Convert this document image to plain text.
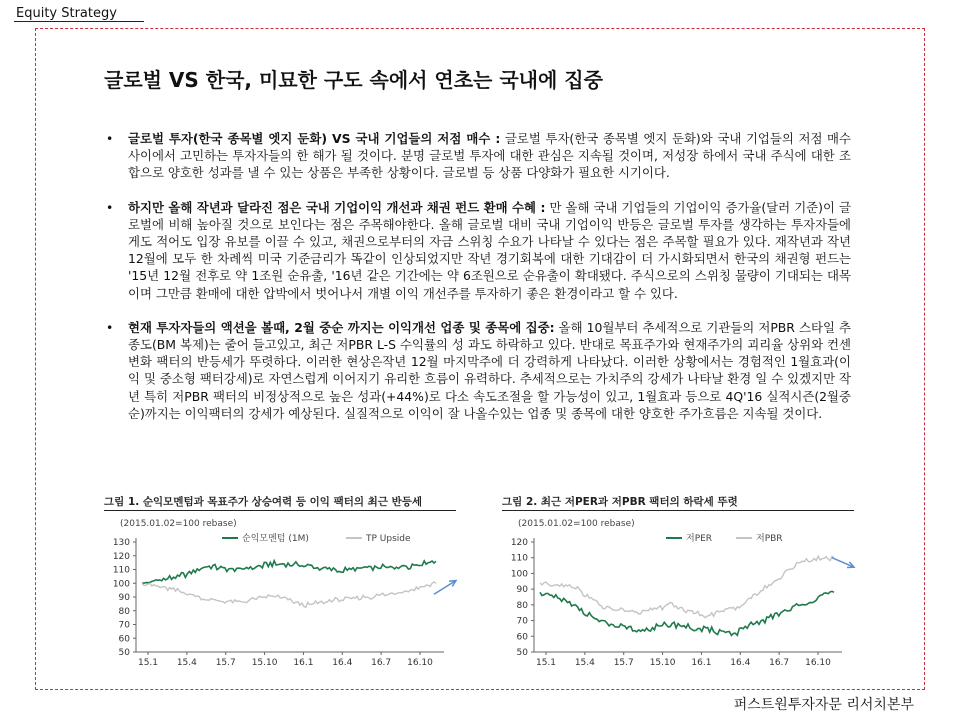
Equity Strategy
글로벌 VS 한국, 미묘한 구도 속에서 연초는 국내에 집중
• 글로벌 투자(한국 종목별 엣지 둔화) VS 국내 기업들의 저점 매수 : 글로벌 투자(한국 종목별 엣지 둔화)와 국내 기업들의 저점 매수 사이에서 고민하는 투자자들의 한 해가 될 것이다. 분명 글로벌 투자에 대한 관심은 지속될 것이며, 저성장 하에서 국내 주식에 대한 조합으로 양호한 성과를 낼 수 있는 상품은 부족한 상황이다. 글로벌 등 상품 다양화가 필요한 시기이다.
• 하지만 올해 작년과 달라진 점은 국내 기업이익 개선과 채권 펀드 환매 수혜 : 만 올해 국내 기업들의 기업이익 증가율(달러 기준)이 글로벌에 비해 높아질 것으로 보인다는 점은 주목해야한다. 올해 글로벌 대비 국내 기업이익 반등은 글로벌 투자를 생각하는 투자자들에게도 적어도 입장 유보를 이끌 수 있고, 채권으로부터의 자금 스위칭 수요가 나타날 수 있다는 점은 주목할 필요가 있다. 재작년과 작년 12월에 모두 한 차례씩 미국 기준금리가 똑같이 인상되었지만 작년 경기회복에 대한 기대감이 더 가시화되면서 한국의 채권형 펀드는 '15년 12월 전후로 약 1조원 순유출, '16년 같은 기간에는 약 6조원으로 순유출이 확대됐다. 주식으로의 스위칭 물량이 기대되는 대목이며 그만큼 환매에 대한 압박에서 벗어나서 개별 이익 개선주를 투자하기 좋은 환경이라고 할 수 있다.
• 현재 투자자들의 액션을 볼때, 2월 중순 까지는 이익개선 업종 및 종목에 집중: 올해 10월부터 추세적으로 기관들의 저PBR 스타일 추종도(BM 복제)는 줄어 들고있고, 최근 저PBR L-S 수익률의 성 과도 하락하고 있다. 반대로 목표주가와 현재주가의 괴리율 상위와 컨센변화 팩터의 반등세가 뚜렷하다. 이러한 현상은작년 12월 마지막주에 더 강력하게 나타났다. 이러한 상황에서는 경험적인 1월효과(이익 및 중소형 팩터강세)로 자연스럽게 이어지기 유리한 흐름이 유력하다. 추세적으로는 가치주의 강세가 나타날 환경 일 수 있겠지만 작년 특히 저PBR 팩터의 비정상적으로 높은 성과(+44%)로 다소 속도조절을 할 가능성이 있고, 1월효과 등으로 4Q'16 실적시즌(2월중순)까지는 이익팩터의 강세가 예상된다. 실질적으로 이익이 잘 나올수있는 업종 및 종목에 대한 양호한 주가흐름은 지속될 것이다.
그림 1. 순익모멘텀과 목표주가 상승여력 등 이익 팩터의 최근 반등세
(2015.01.02=100 rebase)
순익모멘텀 (1M)	TP Upside
50
60
70
80
90
100
110
120
130
15.1 15.4 15.7 15.10 16.1 16.4 16.7 16.10
그림 2. 최근 저PER과 저PBR 팩터의 하락세 뚜렷
(2015.01.02=100 rebase)
저PER	저PBR
50
60
70
80
90
100
110
120
15.1 15.4 15.7 15.10 16.1 16.4 16.7 16.10
퍼스트원투자자문 리서치본부
